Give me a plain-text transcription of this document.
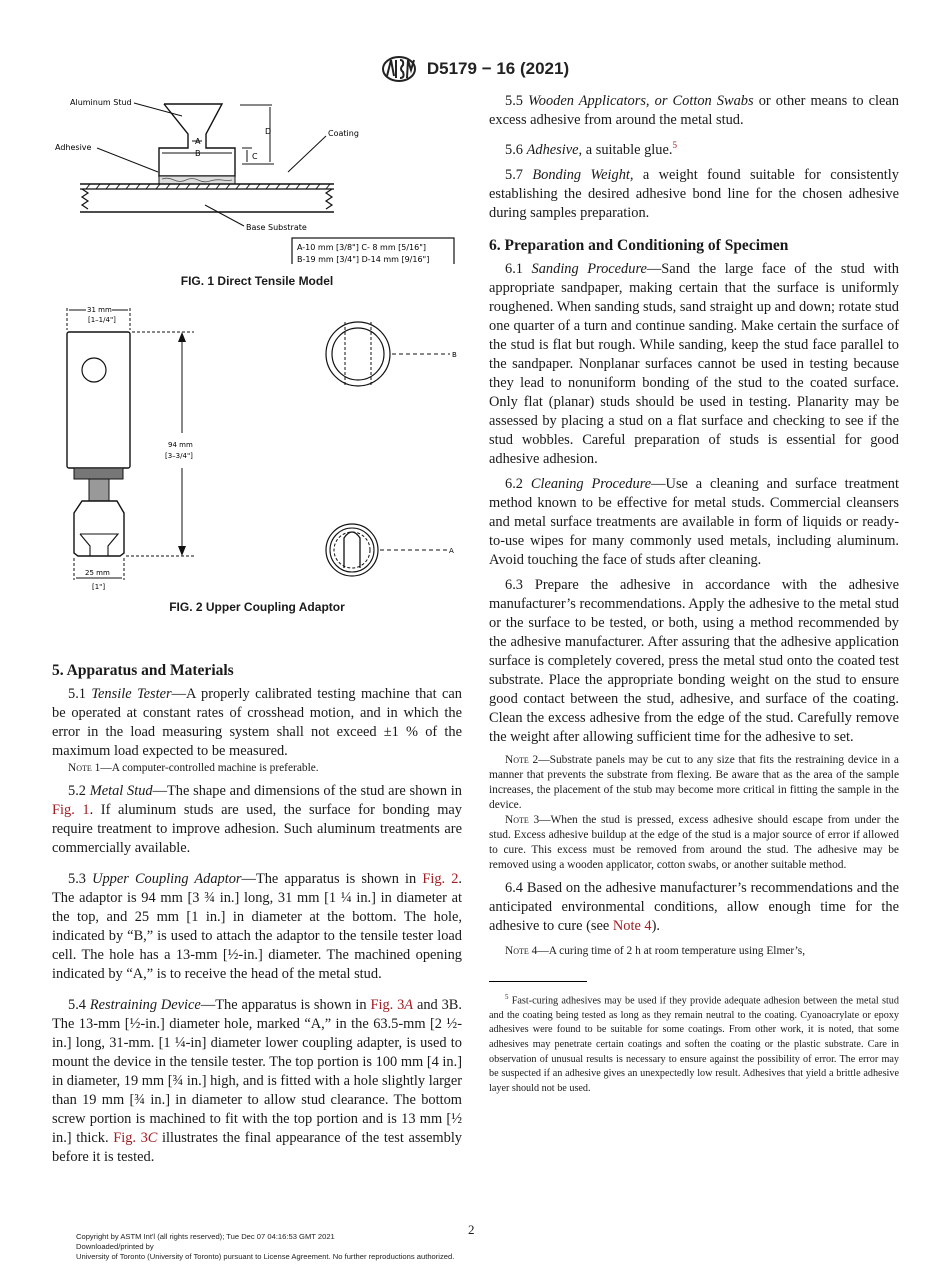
D5179 − 16 (2021)
A
B	C
D
Aluminum Stud
Adhesive
Coating
Base Substrate
A-10 mm [3/8"] C- 8 mm [5/16"]
B-19 mm [3/4"] D-14 mm [9/16"]
FIG. 1 Direct Tensile Model
31 mm
[1–1/4"]
25 mm
[1"]
94 mm
[3–3/4"]
B
A
FIG. 2 Upper Coupling Adaptor
5. Apparatus and Materials

5.1 Tensile Tester—A properly calibrated testing machine that can be operated at constant rates of crosshead motion, and in which the error in the load measuring system shall not exceed ±1 % of the maximum load expected to be measured.

Note 1—A computer-controlled machine is preferable.

5.2 Metal Stud—The shape and dimensions of the stud are shown in Fig. 1. If aluminum studs are used, the surface for bonding may require treatment to improve adhesion. Such aluminum treatments are commercially available.

5.3 Upper Coupling Adaptor—The apparatus is shown in Fig. 2. The adaptor is 94 mm [3 ¾ in.] long, 31 mm [1 ¼ in.] in diameter at the top, and 25 mm [1 in.] in diameter at the bottom. The hole, indicated by “B,” is used to attach the adaptor to the tensile tester load cell. The hole has a 13-mm [½-in.] diameter. The machined opening indicated by “A,” is to receive the head of the metal stud.

5.4 Restraining Device—The apparatus is shown in Fig. 3A and 3B. The 13-mm [½-in.] diameter hole, marked “A,” in the 63.5-mm [2 ½-in.] long, 31-mm. [1 ¼-in] diameter lower coupling adapter, is used to mount the device in the tensile tester. The top portion is 100 mm [4 in.] in diameter, 19 mm [¾ in.] high, and is fitted with a hole slightly larger than 19 mm [¾ in.] in diameter to allow stud clearance. The bottom screw portion is machined to fit with the top portion and is 13 mm [½ in.] thick. Fig. 3C illustrates the final appearance of the test assembly before it is tested.

5.5 Wooden Applicators, or Cotton Swabs or other means to clean excess adhesive from around the metal stud.

5.6 Adhesive, a suitable glue.$^5$

5.7 Bonding Weight, a weight found suitable for consistently establishing the desired adhesive bond line for the chosen adhesive during samples preparation.

6. Preparation and Conditioning of Specimen

6.1 Sanding Procedure—Sand the large face of the stud with appropriate sandpaper, making certain that the surface is uniformly roughened. When sanding studs, sand straight up and down; rotate stud one quarter of a turn and continue sanding. Make certain the surface of the stud is flat but rough. While sanding, keep the stud face parallel to the sandpaper. Nonplanar surfaces cannot be used in testing because they lead to nonuniform bonding of the stud to the coated surface. Only flat (planar) studs should be used in testing. Planarity may be assessed by placing a stud on a flat surface and checking to see if the stud wobbles. Careful preparation of studs is essential for good adhesive adhesion.

6.2 Cleaning Procedure—Use a cleaning and surface treatment method known to be effective for metal studs. Commercial cleansers and metal surface treatments are available in form of liquids or ready-to-use wipes for many commonly used metals, including aluminum. Avoid touching the face of studs after cleaning.

6.3 Prepare the adhesive in accordance with the adhesive manufacturer’s recommendations. Apply the adhesive to the metal stud or the surface to be tested, or both, using a method recommended by the adhesive manufacturer. After assuring that the adhesive application surface is completely covered, press the metal stud onto the coated test substrate. Place the appropriate bonding weight on the stud to ensure good contact between the stud, adhesive, and surface of the coating. Clean the excess adhesive from the edge of the stud. Carefully remove the weight after allowing sufficient time for the adhesive to set.

Note 2—Substrate panels may be cut to any size that fits the restraining device in a manner that prevents the substrate from flexing. Be aware that as the area of the sample increases, the placement of the stub may become more critical in fitting the sample in the device.

Note 3—When the stud is pressed, excess adhesive should escape from under the stud. Excess adhesive buildup at the edge of the stud is a major source of error if allowed to cure. This excess must be removed from around the stud. The adhesive may be removed using a wooden applicator, cotton swabs, or another suitable method.

6.4 Based on the adhesive manufacturer’s recommendations and the anticipated environmental conditions, allow enough time for the adhesive to cure (see Note 4).

Note 4—A curing time of 2 h at room temperature using Elmer’s,

$^5$ Fast-curing adhesives may be used if they provide adequate adhesion between the metal stud and the coating being tested as long as they remain neutral to the coating. Cyanoacrylate or epoxy adhesives were found to be suitable for some coatings. From other work, it is noted, that some adhesives may penetrate certain coatings and soften the coating or the plastic substrate. Care in observation of unusual results is necessary to ensure against the possibility of error. The error may be suspected if an adhesive gives an unexpectedly low result. Adhesives that yield a brittle adhesive layer should not be used.

2
Copyright by ASTM Int'l (all rights reserved); Tue Dec 07 04:16:53 GMT 2021
Downloaded/printed by
University of Toronto (University of Toronto) pursuant to License Agreement. No further reproductions authorized.
